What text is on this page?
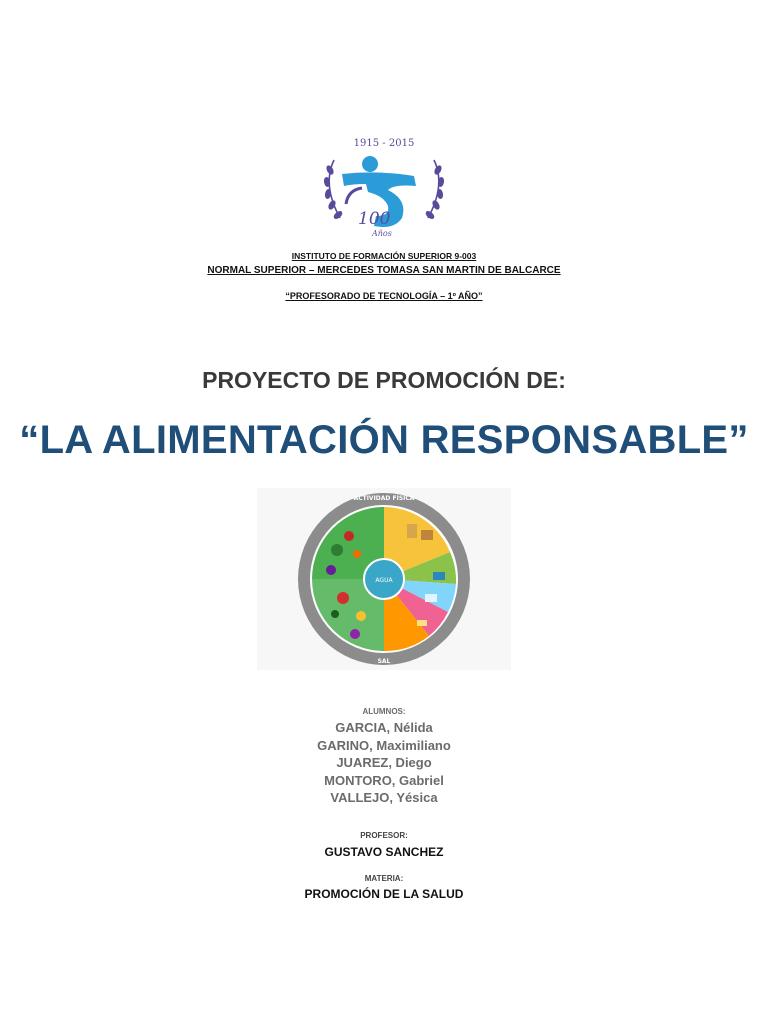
1915 - 2015
100
Años
INSTITUTO DE FORMACIÓN SUPERIOR 9-003
NORMAL SUPERIOR – MERCEDES TOMASA SAN MARTIN DE BALCARCE
“PROFESORADO DE TECNOLOGÍA – 1º AÑO”
PROYECTO DE PROMOCIÓN DE:
“LA ALIMENTACIÓN RESPONSABLE”
AGUA
ACTIVIDAD FÍSICA
SAL
ALUMNOS:
GARCIA, Nélida
GARINO, Maximiliano
JUAREZ, Diego
MONTORO, Gabriel
VALLEJO, Yésica
PROFESOR:
GUSTAVO SANCHEZ
MATERIA:
PROMOCIÓN DE LA SALUD
